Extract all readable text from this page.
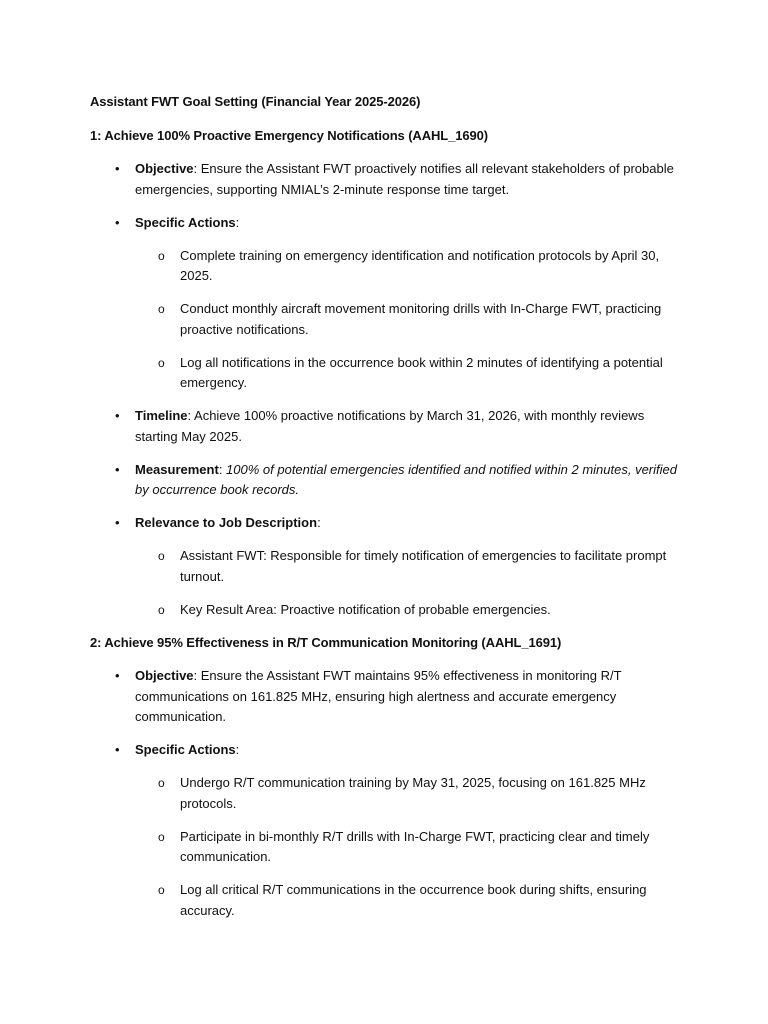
Assistant FWT Goal Setting (Financial Year 2025-2026)
1: Achieve 100% Proactive Emergency Notifications (AAHL_1690)
• Objective: Ensure the Assistant FWT proactively notifies all relevant stakeholders of probable emergencies, supporting NMIAL’s 2-minute response time target.
• Specific Actions:
o Complete training on emergency identification and notification protocols by April 30, 2025.
o Conduct monthly aircraft movement monitoring drills with In-Charge FWT, practicing proactive notifications.
o Log all notifications in the occurrence book within 2 minutes of identifying a potential emergency.
• Timeline: Achieve 100% proactive notifications by March 31, 2026, with monthly reviews starting May 2025.
• Measurement: 100% of potential emergencies identified and notified within 2 minutes, verified by occurrence book records.
• Relevance to Job Description:
o Assistant FWT: Responsible for timely notification of emergencies to facilitate prompt turnout.
o Key Result Area: Proactive notification of probable emergencies.
2: Achieve 95% Effectiveness in R/T Communication Monitoring (AAHL_1691)
• Objective: Ensure the Assistant FWT maintains 95% effectiveness in monitoring R/T communications on 161.825 MHz, ensuring high alertness and accurate emergency communication.
• Specific Actions:
o Undergo R/T communication training by May 31, 2025, focusing on 161.825 MHz protocols.
o Participate in bi-monthly R/T drills with In-Charge FWT, practicing clear and timely communication.
o Log all critical R/T communications in the occurrence book during shifts, ensuring accuracy.
